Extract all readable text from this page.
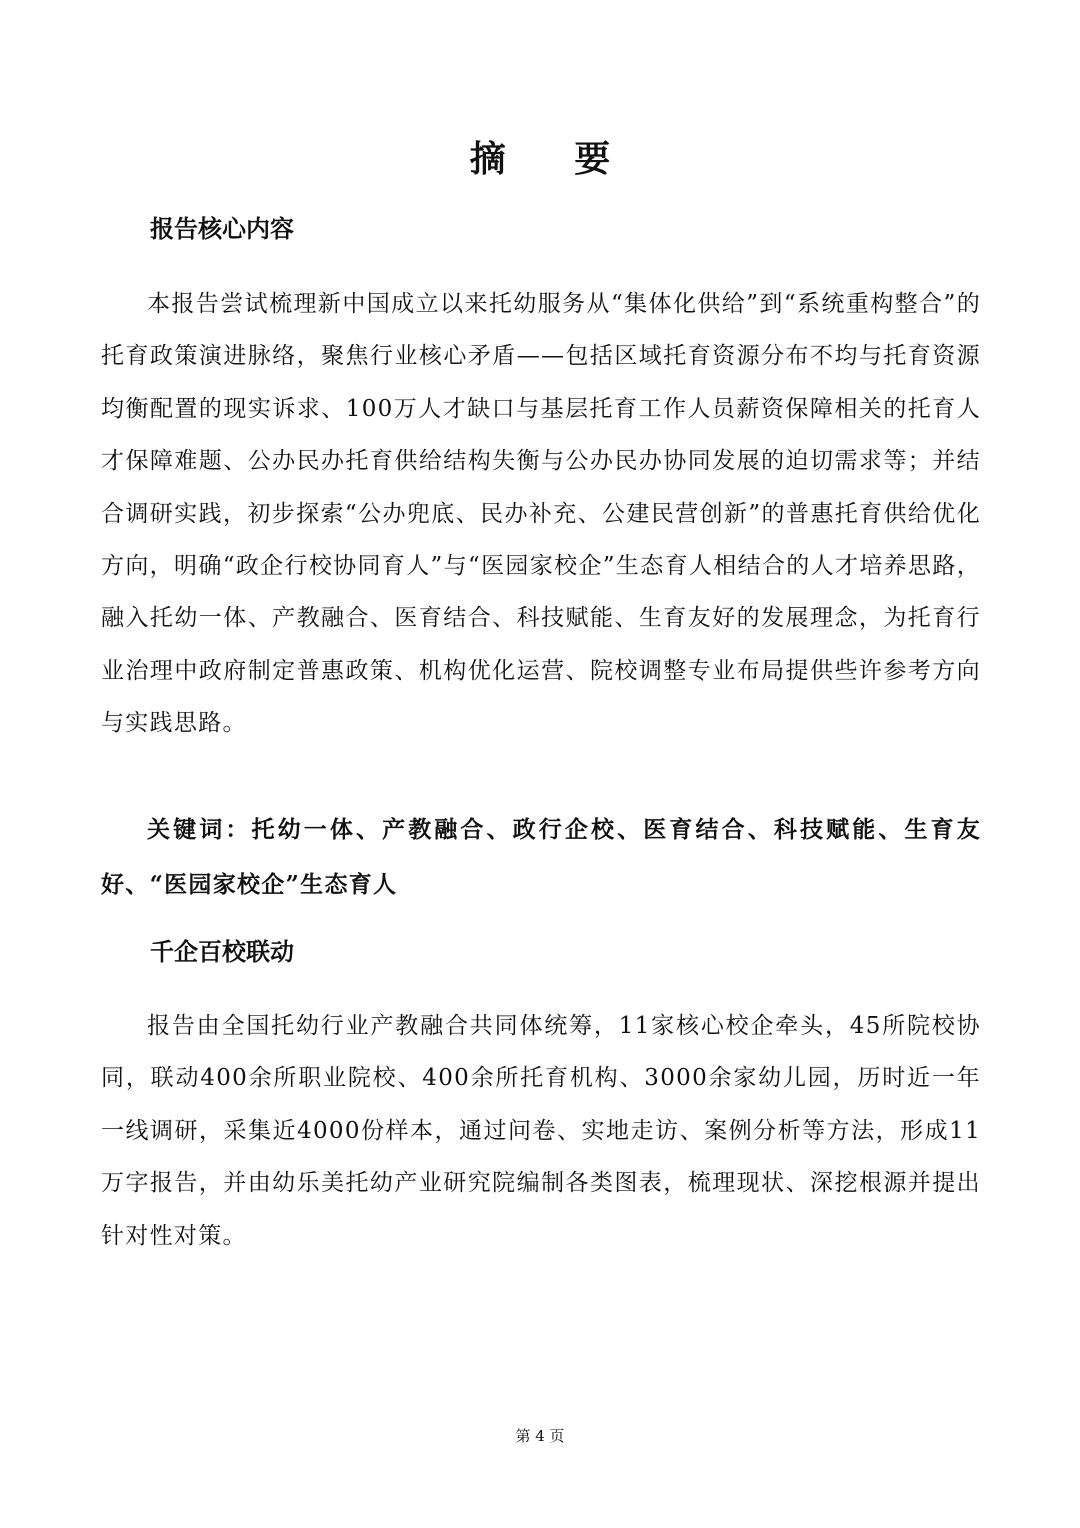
摘 要
报告核心内容

本报告尝试梳理新中国成立以来托幼服务从“集体化供给”到“系统重构整合”的托育政策演进脉络，聚焦行业核心矛盾——包括区域托育资源分布不均与托育资源均衡配置的现实诉求、100万人才缺口与基层托育工作人员薪资保障相关的托育人才保障难题、公办民办托育供给结构失衡与公办民办协同发展的迫切需求等；并结合调研实践，初步探索“公办兜底、民办补充、公建民营创新”的普惠托育供给优化方向，明确“政企行校协同育人”与“医园家校企”生态育人相结合的人才培养思路，融入托幼一体、产教融合、医育结合、科技赋能、生育友好的发展理念，为托育行业治理中政府制定普惠政策、机构优化运营、院校调整专业布局提供些许参考方向与实践思路。

关键词：托幼一体、产教融合、政行企校、医育结合、科技赋能、生育友好、“医园家校企”生态育人

千企百校联动

报告由全国托幼行业产教融合共同体统筹，11家核心校企牵头，45所院校协同，联动400余所职业院校、400余所托育机构、3000余家幼儿园，历时近一年一线调研，采集近4000份样本，通过问卷、实地走访、案例分析等方法，形成11万字报告，并由幼乐美托幼产业研究院编制各类图表，梳理现状、深挖根源并提出针对性对策。

第 4 页
